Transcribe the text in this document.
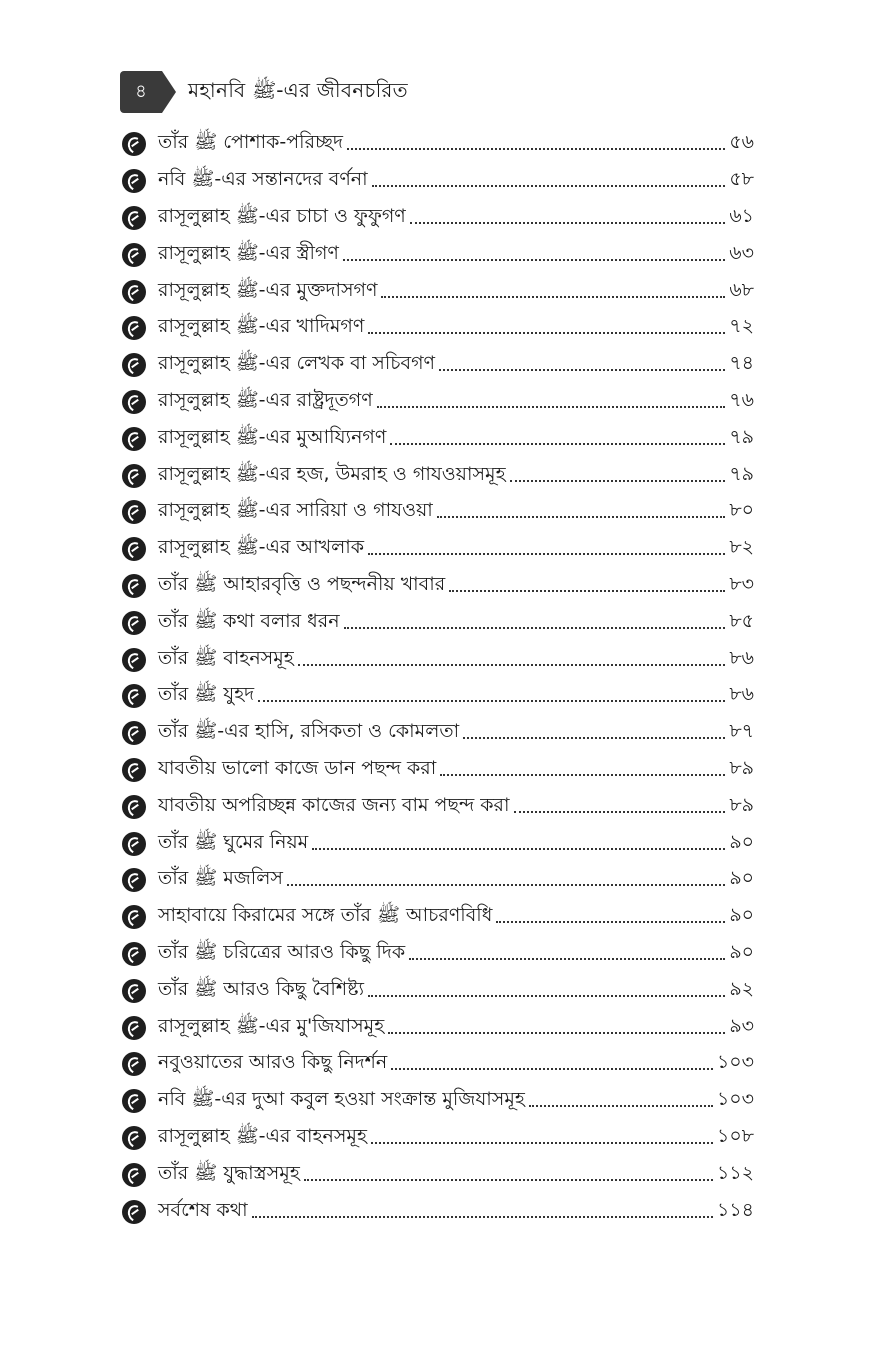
৪ মহানবি ﷺ-এর জীবনচরিত
তাঁর ﷺ পোশাক-পরিচ্ছদ	৫৬
নবি ﷺ-এর সন্তানদের বর্ণনা	৫৮
রাসূলুল্লাহ ﷺ-এর চাচা ও ফুফুগণ	৬১
রাসূলুল্লাহ ﷺ-এর স্ত্রীগণ	৬৩
রাসূলুল্লাহ ﷺ-এর মুক্তদাসগণ	৬৮
রাসূলুল্লাহ ﷺ-এর খাদিমগণ	৭২
রাসূলুল্লাহ ﷺ-এর লেখক বা সচিবগণ	৭৪
রাসূলুল্লাহ ﷺ-এর রাষ্ট্রদূতগণ	৭৬
রাসূলুল্লাহ ﷺ-এর মুআয্যিনগণ	৭৯
রাসূলুল্লাহ ﷺ-এর হজ, উমরাহ ও গাযওয়াসমূহ	৭৯
রাসূলুল্লাহ ﷺ-এর সারিয়া ও গাযওয়া	৮০
রাসূলুল্লাহ ﷺ-এর আখলাক	৮২
তাঁর ﷺ আহারবৃত্তি ও পছন্দনীয় খাবার	৮৩
তাঁর ﷺ কথা বলার ধরন	৮৫
তাঁর ﷺ বাহনসমূহ	৮৬
তাঁর ﷺ যুহদ	৮৬
তাঁর ﷺ-এর হাসি, রসিকতা ও কোমলতা	৮৭
যাবতীয় ভালো কাজে ডান পছন্দ করা	৮৯
যাবতীয় অপরিচ্ছন্ন কাজের জন্য বাম পছন্দ করা	৮৯
তাঁর ﷺ ঘুমের নিয়ম	৯০
তাঁর ﷺ মজলিস	৯০
সাহাবায়ে কিরামের সঙ্গে তাঁর ﷺ আচরণবিধি	৯০
তাঁর ﷺ চরিত্রের আরও কিছু দিক	৯০
তাঁর ﷺ আরও কিছু বৈশিষ্ট্য	৯২
রাসূলুল্লাহ ﷺ-এর মু'জিযাসমূহ	৯৩
নবুওয়াতের আরও কিছু নিদর্শন	১০৩
নবি ﷺ-এর দুআ কবুল হওয়া সংক্রান্ত মুজিযাসমূহ	১০৩
রাসূলুল্লাহ ﷺ-এর বাহনসমূহ	১০৮
তাঁর ﷺ যুদ্ধাস্ত্রসমূহ	১১২
সর্বশেষ কথা	১১৪
